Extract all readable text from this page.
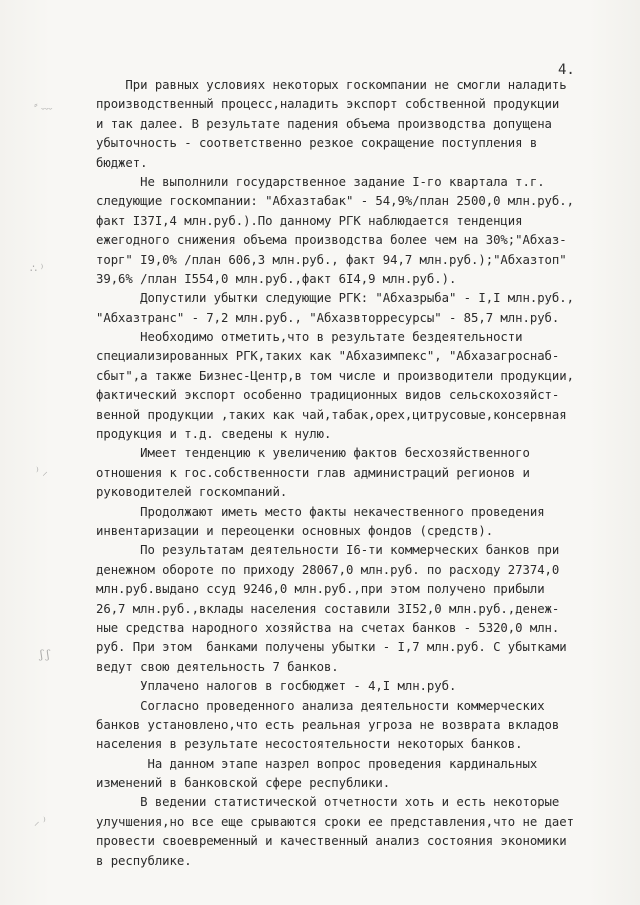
4.
⸗ ﹏
∴ ⁾
⁾ ⸝
ʃ ʃ
⸝ ⁾
При равных условиях некоторых госкомпании не смогли наладить
производственный процесс,наладить экспорт собственной продукции
и так далее. В результате падения объема производства допущена
убыточность - соответственно резкое сокращение поступления в
бюджет.
Не выполнили государственное задание I-го квартала т.г.
следующие госкомпании: "Абхазтабак" - 54,9%/план 2500,0 млн.руб.,
факт I37I,4 млн.руб.).По данному РГК наблюдается тенденция
ежегодного снижения объема производства более чем на 30%;"Абхаз-
торг" I9,0% /план 606,3 млн.руб., факт 94,7 млн.руб.);"Абхазтоп"
39,6% /план I554,0 млн.руб.,факт 6I4,9 млн.руб.).
Допустили убытки следующие РГК: "Абхазрыба" - I,I млн.руб.,
"Абхазтранс" - 7,2 млн.руб., "Абхазвторресурсы" - 85,7 млн.руб.
Необходимо отметить,что в результате бездеятельности
специализированных РГК,таких как "Абхазимпекс", "Абхазагроснаб-
сбыт",а также Бизнес-Центр,в том числе и производители продукции,
фактический экспорт особенно традиционных видов сельскохозяйст-
венной продукции ,таких как чай,табак,орех,цитрусовые,консервная
продукция и т.д. сведены к нулю.
Имеет тенденцию к увеличению фактов бесхозяйственного
отношения к гос.собственности глав администраций регионов и
руководителей госкомпаний.
Продолжают иметь место факты некачественного проведения
инвентаризации и переоценки основных фондов (средств).
По результатам деятельности I6-ти коммерческих банков при
денежном обороте по приходу 28067,0 млн.руб. по расходу 27374,0
млн.руб.выдано ссуд 9246,0 млн.руб.,при этом получено прибыли
26,7 млн.руб.,вклады населения составили 3I52,0 млн.руб.,денеж-
ные средства народного хозяйства на счетах банков - 5320,0 млн.
руб. При этом  банками получены убытки - I,7 млн.руб. С убытками
ведут свою деятельность 7 банков.
Уплачено налогов в госбюджет - 4,I млн.руб.
Согласно проведенного анализа деятельности коммерческих
банков установлено,что есть реальная угроза не возврата вкладов
населения в результате несостоятельности некоторых банков.
На данном этапе назрел вопрос проведения кардинальных
изменений в банковской сфере республики.
В ведении статистической отчетности хоть и есть некоторые
улучшения,но все еще срываются сроки ее представления,что не дает
провести своевременный и качественный анализ состояния экономики
в республике.
